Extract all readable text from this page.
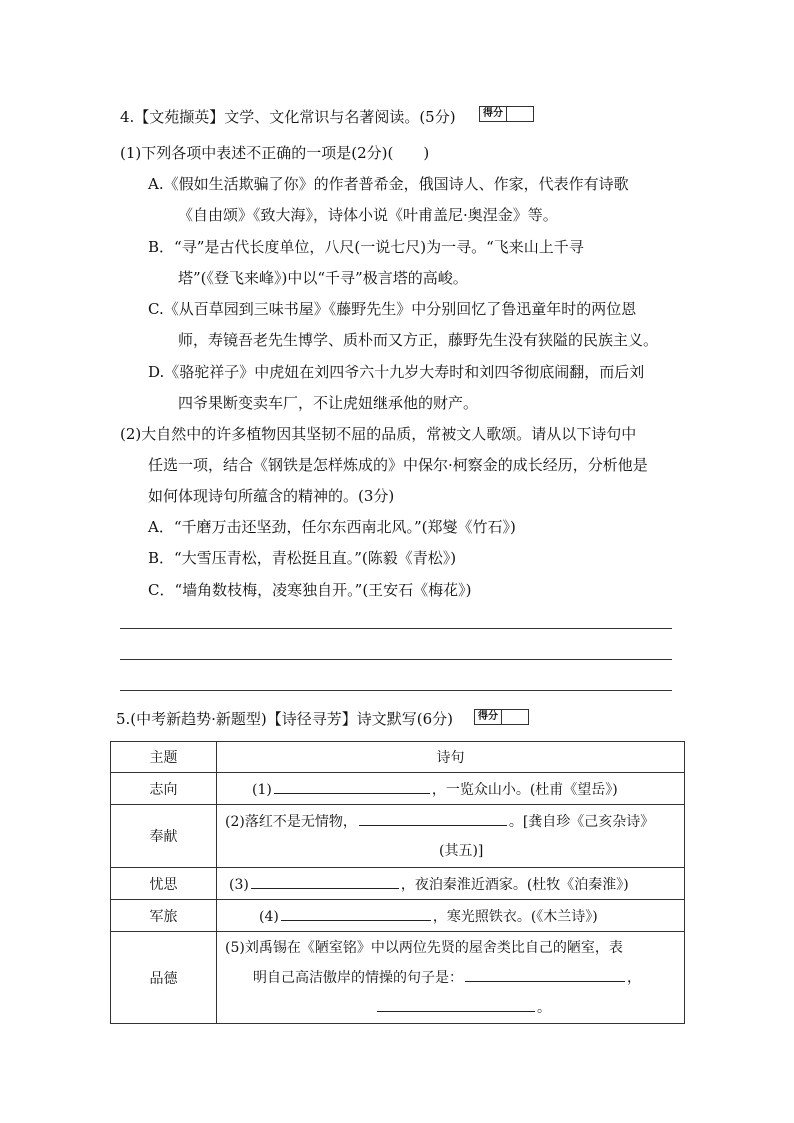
4.【文苑撷英】文学、文化常识与名著阅读。(5分)	得分
(1)下列各项中表述不正确的一项是(2分)(　　)
A.《假如生活欺骗了你》的作者普希金，俄国诗人、作家，代表作有诗歌
《自由颂》《致大海》，诗体小说《叶甫盖尼·奥涅金》等。
B．“寻”是古代长度单位，八尺(一说七尺)为一寻。“飞来山上千寻
塔”(《登飞来峰》)中以“千寻”极言塔的高峻。
C.《从百草园到三味书屋》《藤野先生》中分别回忆了鲁迅童年时的两位恩
师，寿镜吾老先生博学、质朴而又方正，藤野先生没有狭隘的民族主义。
D.《骆驼祥子》中虎妞在刘四爷六十九岁大寿时和刘四爷彻底闹翻，而后刘
四爷果断变卖车厂，不让虎妞继承他的财产。
(2)大自然中的许多植物因其坚韧不屈的品质，常被文人歌颂。请从以下诗句中
任选一项，结合《钢铁是怎样炼成的》中保尔·柯察金的成长经历，分析他是
如何体现诗句所蕴含的精神的。(3分)
A．“千磨万击还坚劲，任尔东西南北风。”(郑燮《竹石》)
B．“大雪压青松，青松挺且直。”(陈毅《青松》)
C．“墙角数枝梅，凌寒独自开。”(王安石《梅花》)
5.(中考新趋势·新题型)【诗径寻芳】诗文默写(6分)	得分
主题	诗句
志向	(1) ，一览众山小。(杜甫《望岳》)

奉献	(2)落红不是无情物， 。[龚自珍《己亥杂诗》
(其五)]

忧思	(3) ，夜泊秦淮近酒家。(杜牧《泊秦淮》)

军旅	(4) ，寒光照铁衣。(《木兰诗》)

品德	(5)刘禹锡在《陋室铭》中以两位先贤的屋舍类比自己的陋室，表
明自己高洁傲岸的情操的句子是： ，
。
